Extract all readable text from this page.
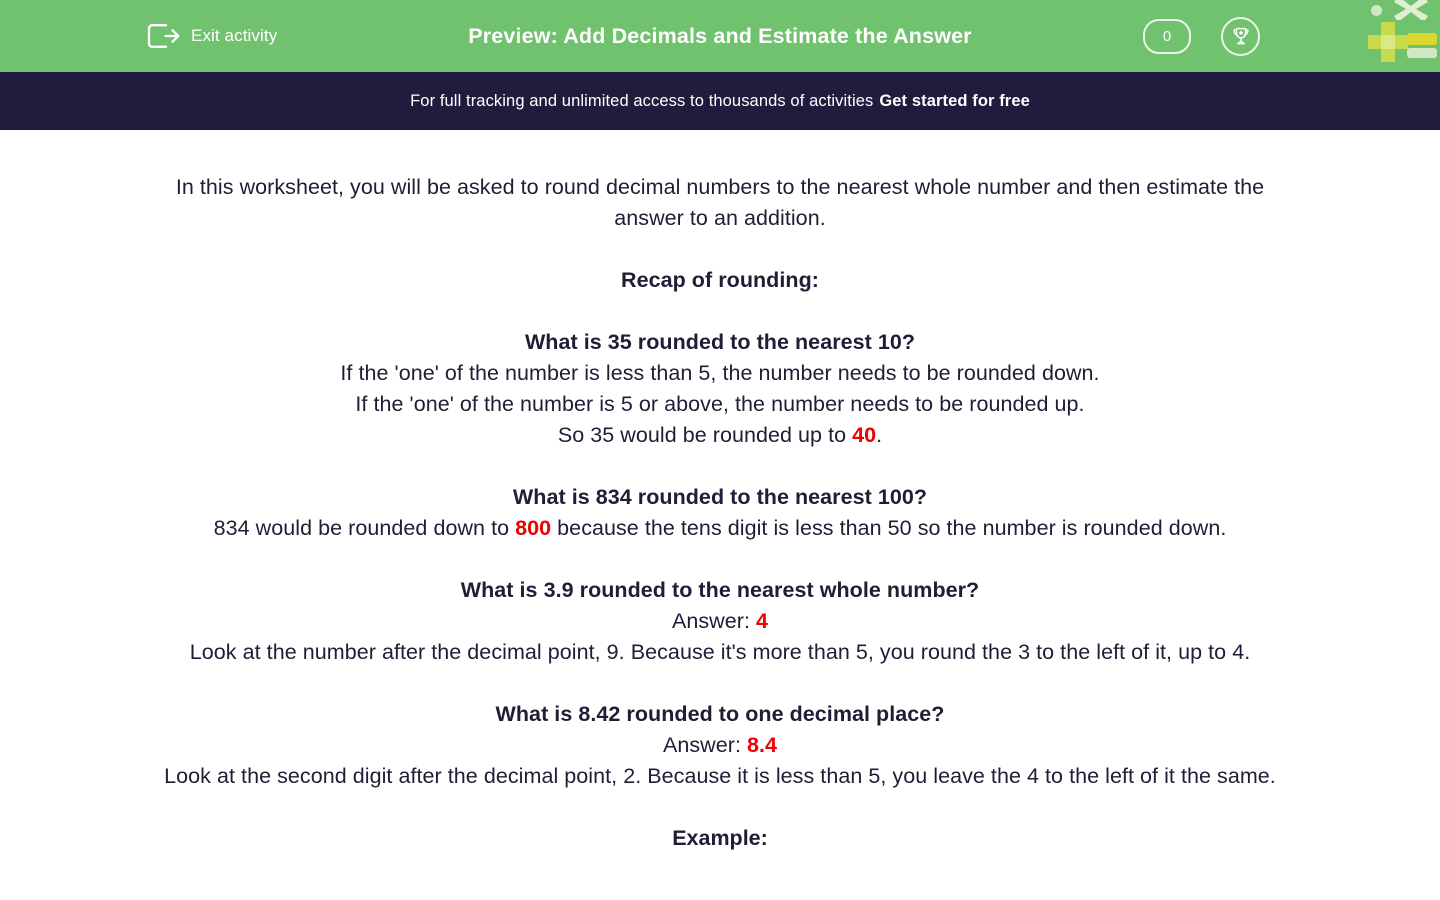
Exit activity	Preview: Add Decimals and Estimate the Answer	0
For full tracking and unlimited access to thousands of activities Get started for free

In this worksheet, you will be asked to round decimal numbers to the nearest whole number and then estimate the answer to an addition.

Recap of rounding:

What is 35 rounded to the nearest 10?

If the 'one' of the number is less than 5, the number needs to be rounded down.

If the 'one' of the number is 5 or above, the number needs to be rounded up.

So 35 would be rounded up to 40.

What is 834 rounded to the nearest 100?

834 would be rounded down to 800 because the tens digit is less than 50 so the number is rounded down.

What is 3.9 rounded to the nearest whole number?

Answer: 4

Look at the number after the decimal point, 9. Because it's more than 5, you round the 3 to the left of it, up to 4.

What is 8.42 rounded to one decimal place?

Answer: 8.4

Look at the second digit after the decimal point, 2. Because it is less than 5, you leave the 4 to the left of it the same.

Example:
